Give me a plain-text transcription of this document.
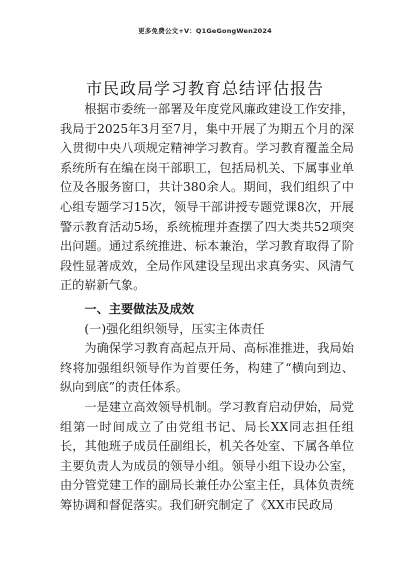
更多免费公文+V：Q1GeGongWen2024
市民政局学习教育总结评估报告

根据市委统一部署及年度党风廉政建设工作安排，我局于2025年3月至7月，集中开展了为期五个月的深入贯彻中央八项规定精神学习教育。学习教育覆盖全局系统所有在编在岗干部职工，包括局机关、下属事业单位及各服务窗口，共计380余人。期间，我们组织了中心组专题学习15次，领导干部讲授专题党课8次，开展警示教育活动5场，系统梳理并查摆了四大类共52项突出问题。通过系统推进、标本兼治，学习教育取得了阶段性显著成效，全局作风建设呈现出求真务实、风清气正的崭新气象。

一、主要做法及成效

(一)强化组织领导，压实主体责任

为确保学习教育高起点开局、高标准推进，我局始终将加强组织领导作为首要任务，构建了“横向到边、纵向到底”的责任体系。

一是建立高效领导机制。学习教育启动伊始，局党组第一时间成立了由党组书记、局长XX同志担任组长，其他班子成员任副组长，机关各处室、下属各单位主要负责人为成员的领导小组。领导小组下设办公室，由分管党建工作的副局长兼任办公室主任，具体负责统筹协调和督促落实。我们研究制定了《XX市民政局
